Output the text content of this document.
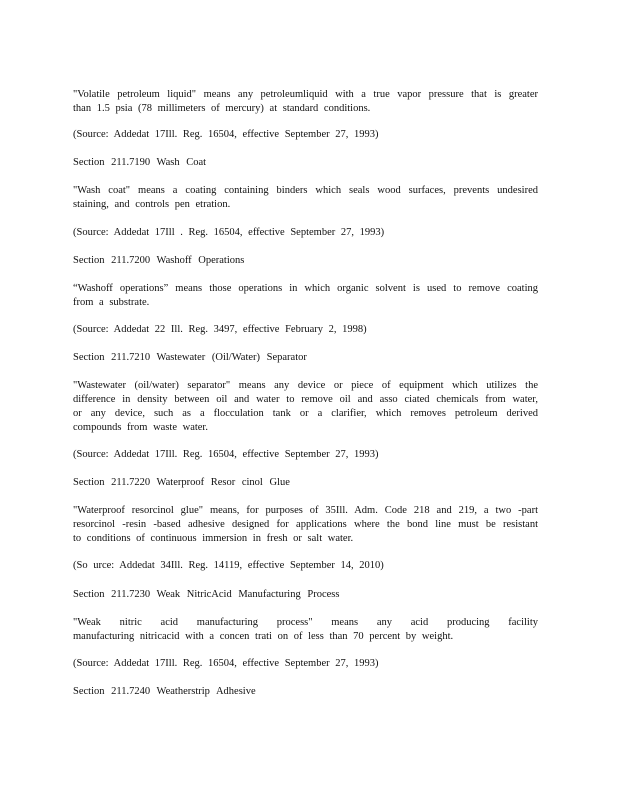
"Volatile petroleum liquid" means any petroleumliquid with a true vapor pressure that is greater
than 1.5 psia (78 millimeters of mercury) at standard conditions.

(Source: Addedat 17Ill. Reg. 16504, effective September 27, 1993)

Section 211.7190 Wash Coat

"Wash coat" means a coating containing binders which seals wood surfaces, prevents undesired
staining, and controls pen etration.

(Source: Addedat 17Ill . Reg. 16504, effective September 27, 1993)

Section 211.7200 Washoff Operations

“Washoff operations” means those operations in which organic solvent is used to remove coating
from a substrate.

(Source: Addedat 22 Ill. Reg. 3497, effective February 2, 1998)

Section 211.7210 Wastewater (Oil/Water) Separator

"Wastewater (oil/water) separator" means any device or piece of equipment which utilizes the
difference in density between oil and water to remove oil and asso ciated chemicals from water,
or any device, such as a flocculation tank or a clarifier, which removes petroleum derived
compounds from waste water.

(Source: Addedat 17Ill. Reg. 16504, effective September 27, 1993)

Section 211.7220 Waterproof Resor cinol Glue

"Waterproof resorcinol glue" means, for purposes of 35Ill. Adm. Code 218 and 219, a two -part
resorcinol -resin -based adhesive designed for applications where the bond line must be resistant
to conditions of continuous immersion in fresh or salt water.

(So urce: Addedat 34Ill. Reg. 14119, effective September 14, 2010)

Section 211.7230 Weak NitricAcid Manufacturing Process

"Weak nitric acid manufacturing process" means any acid producing facility
manufacturing nitricacid with a concen trati on of less than 70 percent by weight.

(Source: Addedat 17Ill. Reg. 16504, effective September 27, 1993)

Section 211.7240 Weatherstrip Adhesive
